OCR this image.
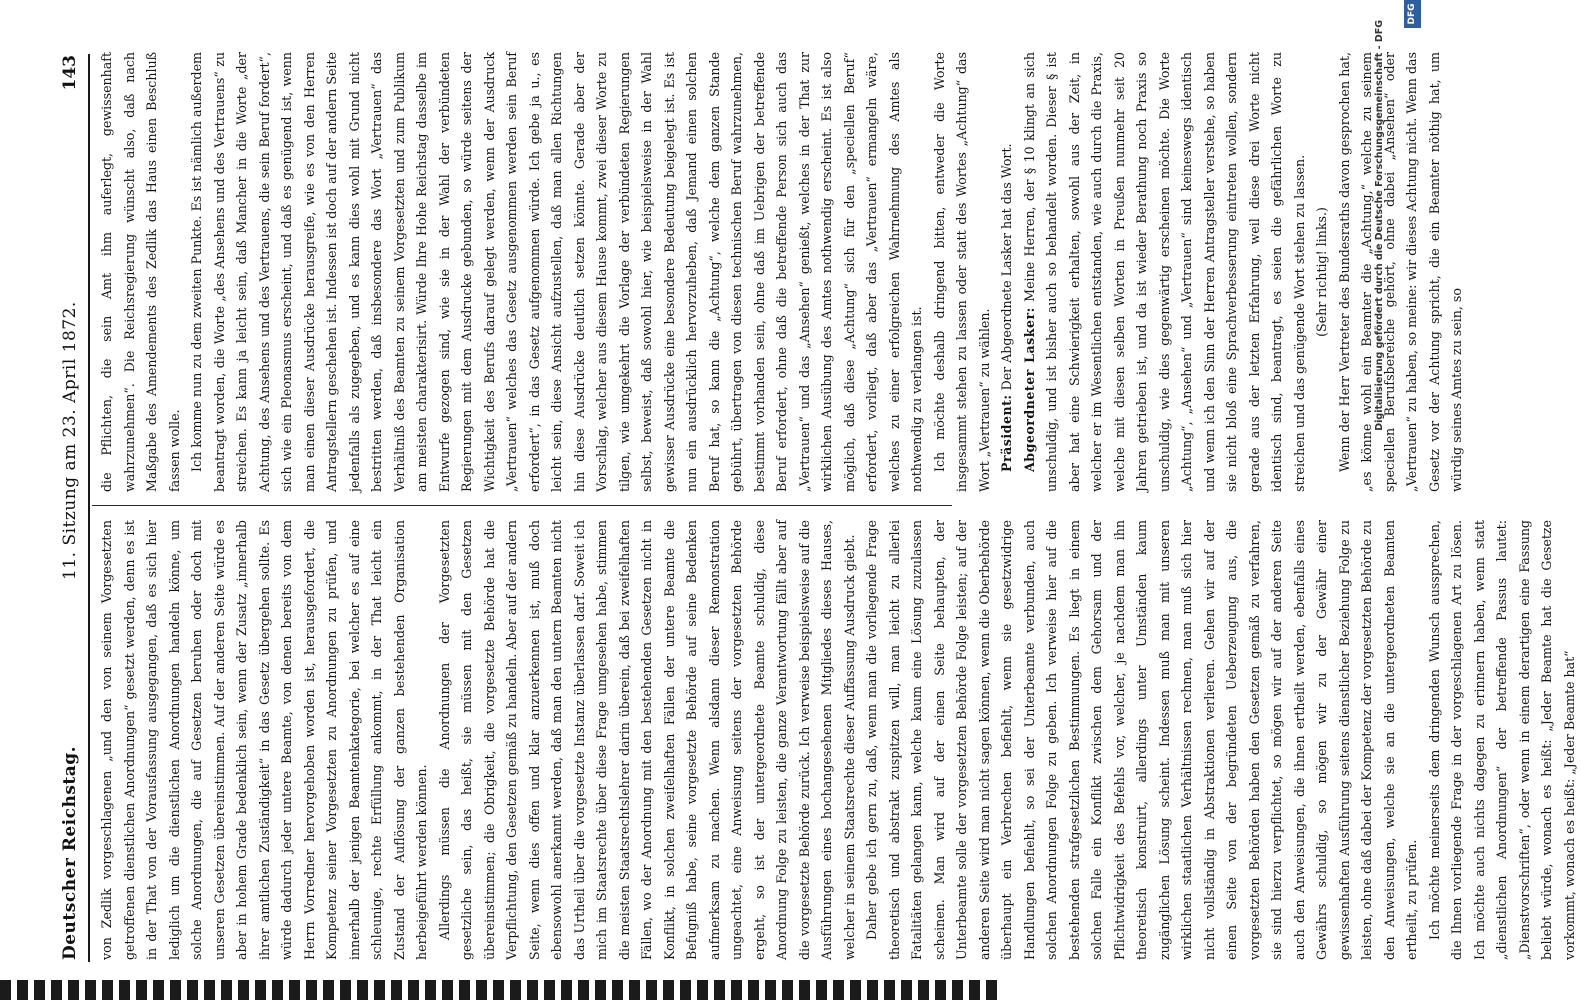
Deutscher Reichstag.
11. Sitzung am 23. April 1872.
143

von Zedlik vorgeschlagenen „und den von seinem Vorgesetzten getroffenen dienstlichen Anordnungen“ gesetzt werden, denn es ist in der That von der Vorausfassung ausgegangen, daß es sich hier lediglich um die dienstlichen Anordnungen handeln könne, um solche Anordnungen, die auf Gesetzen beruhen oder doch mit unseren Gesetzen übereinstimmen. Auf der anderen Seite würde es aber in hohem Grade bedenklich sein, wenn der Zusatz „innerhalb ihrer amtlichen Zuständigkeit“ in das Gesetz übergehen sollte. Es würde dadurch jeder untere Beamte, von denen bereits von dem Herrn Vorredner hervorgehoben worden ist, herausgefordert, die Kompetenz seiner Vorgesetzten zu Anordnungen zu prüfen, und innerhalb der jenigen Beamtenkategorie, bei welcher es auf eine schleunige, rechte Erfüllung ankommt, in der That leicht ein Zustand der Auflösung der ganzen bestehenden Organisation herbeigeführt werden können. Allerdings müssen die Anordnungen der Vorgesetzten gesetzliche sein, das heißt, sie müssen mit den Gesetzen übereinstimmen; die Obrigkeit, die vorgesetzte Behörde hat die Verpflichtung, den Gesetzen gemäß zu handeln. Aber auf der andern Seite, wenn dies offen und klar anzuerkennen ist, muß doch ebensowohl anerkannt werden, daß man den untern Beamten nicht das Urtheil über die vorgesetzte Instanz überlassen darf. Soweit ich mich im Staatsrechte über diese Frage umgesehen habe, stimmen die meisten Staatsrechtslehrer darin überein, daß bei zweifelhaften Fällen, wo der Anordnung mit den bestehenden Gesetzen nicht in Konflikt, in solchen zweifelhaften Fällen der untere Beamte die Befugniß habe, seine vorgesetzte Behörde auf seine Bedenken aufmerksam zu machen. Wenn alsdann dieser Remonstration ungeachtet, eine Anweisung seitens der vorgesetzten Behörde ergeht, so ist der untergeordnete Beamte schuldig, diese Anordnung Folge zu leisten, die ganze Verantwortung fällt aber auf die vorgesetzte Behörde zurück. Ich verweise beispielsweise auf die Ausführungen eines hochangesehenen Mitgliedes dieses Hauses, welcher in seinem Staatsrechte dieser Auffassung Ausdruck giebt. Daher gebe ich gern zu, daß, wenn man die vorliegende Frage theoretisch und abstrakt zuspitzen will, man leicht zu allerlei Fatalitäten gelangen kann, welche kaum eine Lösung zuzulassen scheinen. Man wird auf der einen Seite behaupten, der Unterbeamte solle der vorgesetzten Behörde Folge leisten; auf der anderen Seite wird man nicht sagen können, wenn die Oberbehörde überhaupt ein Verbrechen befiehlt, wenn sie gesetzwidrige Handlungen befiehlt, so sei der Unterbeamte verbunden, auch solchen Anordnungen Folge zu geben. Ich verweise hier auf die bestehenden strafgesetzlichen Bestimmungen. Es liegt in einem solchen Falle ein Konflikt zwischen dem Gehorsam und der Pflichtwidrigkeit des Befehls vor, welcher, je nachdem man ihn theoretisch konstruirt, allerdings unter Umständen kaum zugänglichen Lösung scheint. Indessen muß man mit unseren wirklichen staatlichen Verhältnissen rechnen, man muß sich hier nicht vollständig in Abstraktionen verlieren. Gehen wir auf der einen Seite von der begründeten Ueberzeugung aus, die vorgesetzten Behörden haben den Gesetzen gemäß zu verfahren, sie sind hierzu verpflichtet, so mögen wir auf der anderen Seite auch den Anweisungen, die ihnen ertheilt werden, ebenfalls eines Gewährs schuldig, so mögen wir zu der Gewähr einer gewissenhaften Ausführung seitens dienstlicher Beziehung Folge zu leisten, ohne daß dabei der Kompetenz der vorgesetzten Behörde zu den Anweisungen, welche sie an die untergeordneten Beamten ertheilt, zu prüfen. Ich möchte meinerseits dem dringenden Wunsch aussprechen, die Ihnen vorliegende Frage in der vorgeschlagenen Art zu lösen. Ich möchte auch nichts dagegen zu erinnern haben, wenn statt „dienstlichen Anordnungen“ der betreffende Passus lautet: „Dienstvorschriften“, oder wenn in einem derartigen eine Fassung beliebt würde, wonach es heißt: „Jeder Beamte hat die Gesetze vorkommt, wonach es heißt: „Jeder Beamte hat“

die Pflichten, die sein Amt ihm auferlegt, gewissenhaft wahrzunehmen“. Die Reichsregierung wünscht also, daß nach Maßgabe des Amendements des Zedlik das Haus einen Beschluß fassen wolle. Ich komme nun zu dem zweiten Punkte. Es ist nämlich außerdem beantragt worden, die Worte „des Ansehens und des Vertrauens“ zu streichen. Es kann ja leicht sein, daß Mancher in die Worte „der Achtung, des Ansehens und des Vertrauens, die sein Beruf fordert“, sich wie ein Pleonasmus erscheint, und daß es genügend ist, wenn man einen dieser Ausdrücke herausgreife, wie es von den Herren Antragstellern geschehen ist. Indessen ist doch auf der andern Seite jedenfalls als zugegeben, und es kann dies wohl mit Grund nicht bestritten werden, daß insbesondere das Wort „Vertrauen“ das Verhältniß des Beamten zu seinem Vorgesetzten und zum Publikum am meisten charakterisirt. Würde Ihre Hohe Reichstag dasselbe im Entwurfe gezogen sind, wie sie in der Wahl der verbündeten Regierungen mit dem Ausdrucke gebunden, so würde seitens der Wichtigkeit des Berufs darauf gelegt werden, wenn der Ausdruck „Vertrauen“ welches das Gesetz ausgenommen werden sein Beruf erfordert“, in das Gesetz aufgenommen würde. Ich gebe ja u., es leicht sein, diese Ansicht aufzustellen, daß man allen Richtungen hin diese Ausdrücke deutlich setzen könnte. Gerade aber der Vorschlag, welcher aus diesem Hause kommt, zwei dieser Worte zu tilgen, wie umgekehrt die Vorlage der verbündeten Regierungen selbst, beweist, daß sowohl hier, wie beispielsweise in der Wahl gewisser Ausdrücke eine besondere Bedeutung beigelegt ist. Es ist nun ein ausdrücklich hervorzuheben, daß Jemand einen solchen Beruf hat, so kann die „Achtung“, welche dem ganzen Stande gebührt, übertragen von diesen technischen Beruf wahrzunehmen, bestimmt vorhanden sein, ohne daß im Uebrigen der betreffende Beruf erfordert, ohne daß die betreffende Person sich auch das „Vertrauen“ und das „Ansehen“ genießt, welches in der That zur wirklichen Ausübung des Amtes nothwendig erscheint. Es ist also möglich, daß diese „Achtung“ sich für den „speciellen Beruf“ erfordert, vorliegt, daß aber das „Vertrauen“ ermangeln wäre, welches zu einer erfolgreichen Wahrnehmung des Amtes als nothwendig zu verlangen ist. Ich möchte deshalb dringend bitten, entweder die Worte insgesammt stehen zu lassen oder statt des Wortes „Achtung“ das Wort „Vertrauen“ zu wählen. Präsident: Der Abgeordnete Lasker hat das Wort. Abgeordneter Lasker: Meine Herren, der § 10 klingt an sich unschuldig, und ist bisher auch so behandelt worden. Dieser § ist aber hat eine Schwierigkeit erhalten, sowohl aus der Zeit, in welcher er im Wesentlichen entstanden, wie auch durch die Praxis, welche mit diesen selben Worten in Preußen nunmehr seit 20 Jahren getrieben ist, und da ist wieder Berathung noch Praxis so unschuldig, wie dies gegenwärtig erscheinen möchte. Die Worte „Achtung“, „Ansehen“ und „Vertrauen“ sind keineswegs identisch und wenn ich den Sinn der Herren Antragsteller verstehe, so haben sie nicht bloß eine Sprachverbesserung eintreten wollen, sondern gerade aus der letzten Erfahrung, weil diese drei Worte nicht identisch sind, beantragt, es seien die gefährlichen Worte zu streichen und das genügende Wort stehen zu lassen. (Sehr richtig! links.) Wenn der Herr Vertreter des Bundesraths davon gesprochen hat, „es könne wohl ein Beamter die „Achtung,“ welche zu seinem speciellen Berufsbereiche gehört, ohne dabei „Ansehen“ oder „Vertrauen“ zu haben, so meine: wir dieses Achtung nicht. Wenn das Gesetz vor der Achtung spricht, die ein Beamter nöthig hat, um würdig seines Amtes zu sein, so

Digitalisierung gefördert durch die Deutsche Forschungsgemeinschaft - DFG
DFG
